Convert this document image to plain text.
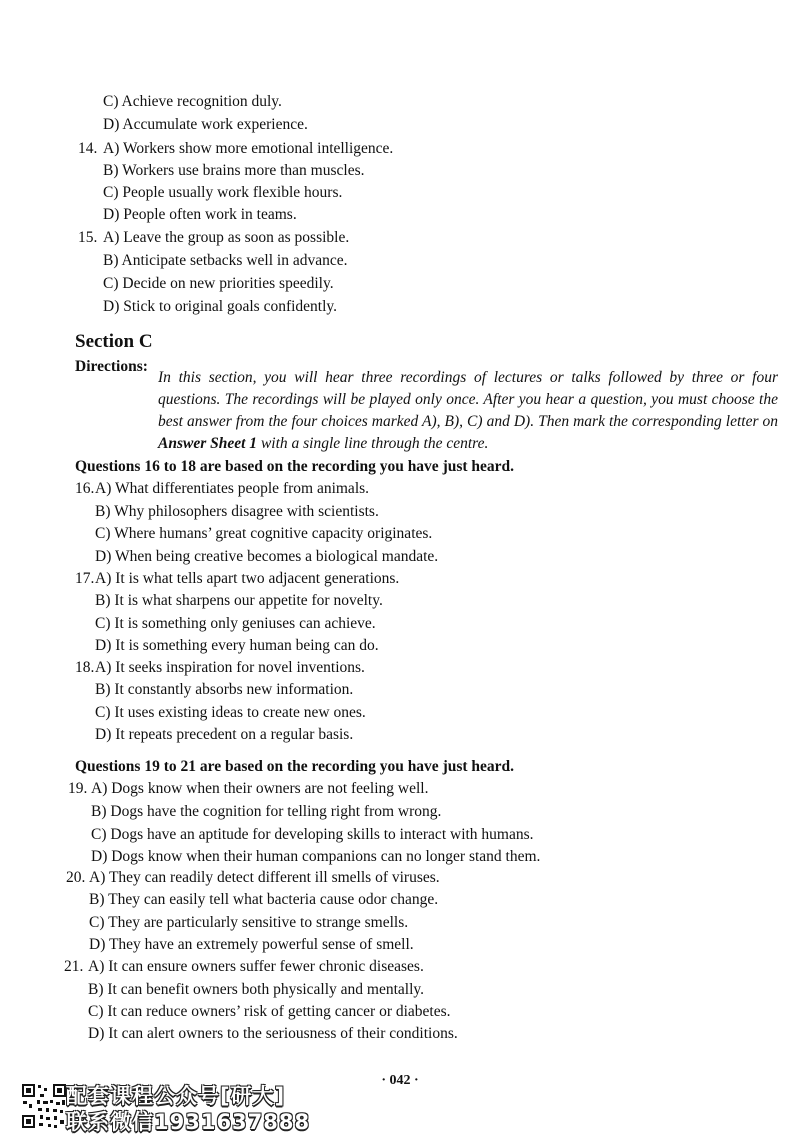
C) Achieve recognition duly.
D) Accumulate work experience.
14. A) Workers show more emotional intelligence.
B) Workers use brains more than muscles.
C) People usually work flexible hours.
D) People often work in teams.
15. A) Leave the group as soon as possible.
B) Anticipate setbacks well in advance.
C) Decide on new priorities speedily.
D) Stick to original goals confidently.
Section C
Directions:
In this section, you will hear three recordings of lectures or talks followed by three or four questions. The recordings will be played only once. After you hear a question, you must choose the best answer from the four choices marked A), B), C) and D). Then mark the corresponding letter on Answer Sheet 1 with a single line through the centre.
Questions 16 to 18 are based on the recording you have just heard.
16.A) What differentiates people from animals.
B) Why philosophers disagree with scientists.
C) Where humans’ great cognitive capacity originates.
D) When being creative becomes a biological mandate.
17.A) It is what tells apart two adjacent generations.
B) It is what sharpens our appetite for novelty.
C) It is something only geniuses can achieve.
D) It is something every human being can do.
18.A) It seeks inspiration for novel inventions.
B) It constantly absorbs new information.
C) It uses existing ideas to create new ones.
D) It repeats precedent on a regular basis.
Questions 19 to 21 are based on the recording you have just heard.
19. A) Dogs know when their owners are not feeling well.
B) Dogs have the cognition for telling right from wrong.
C) Dogs have an aptitude for developing skills to interact with humans.
D) Dogs know when their human companions can no longer stand them.
20. A) They can readily detect different ill smells of viruses.
B) They can easily tell what bacteria cause odor change.
C) They are particularly sensitive to strange smells.
D) They have an extremely powerful sense of smell.
21. A) It can ensure owners suffer fewer chronic diseases.
B) It can benefit owners both physically and mentally.
C) It can reduce owners’ risk of getting cancer or diabetes.
D) It can alert owners to the seriousness of their conditions.
· 042 ·
配套课程公众号[研大]
联系微信1931637888
